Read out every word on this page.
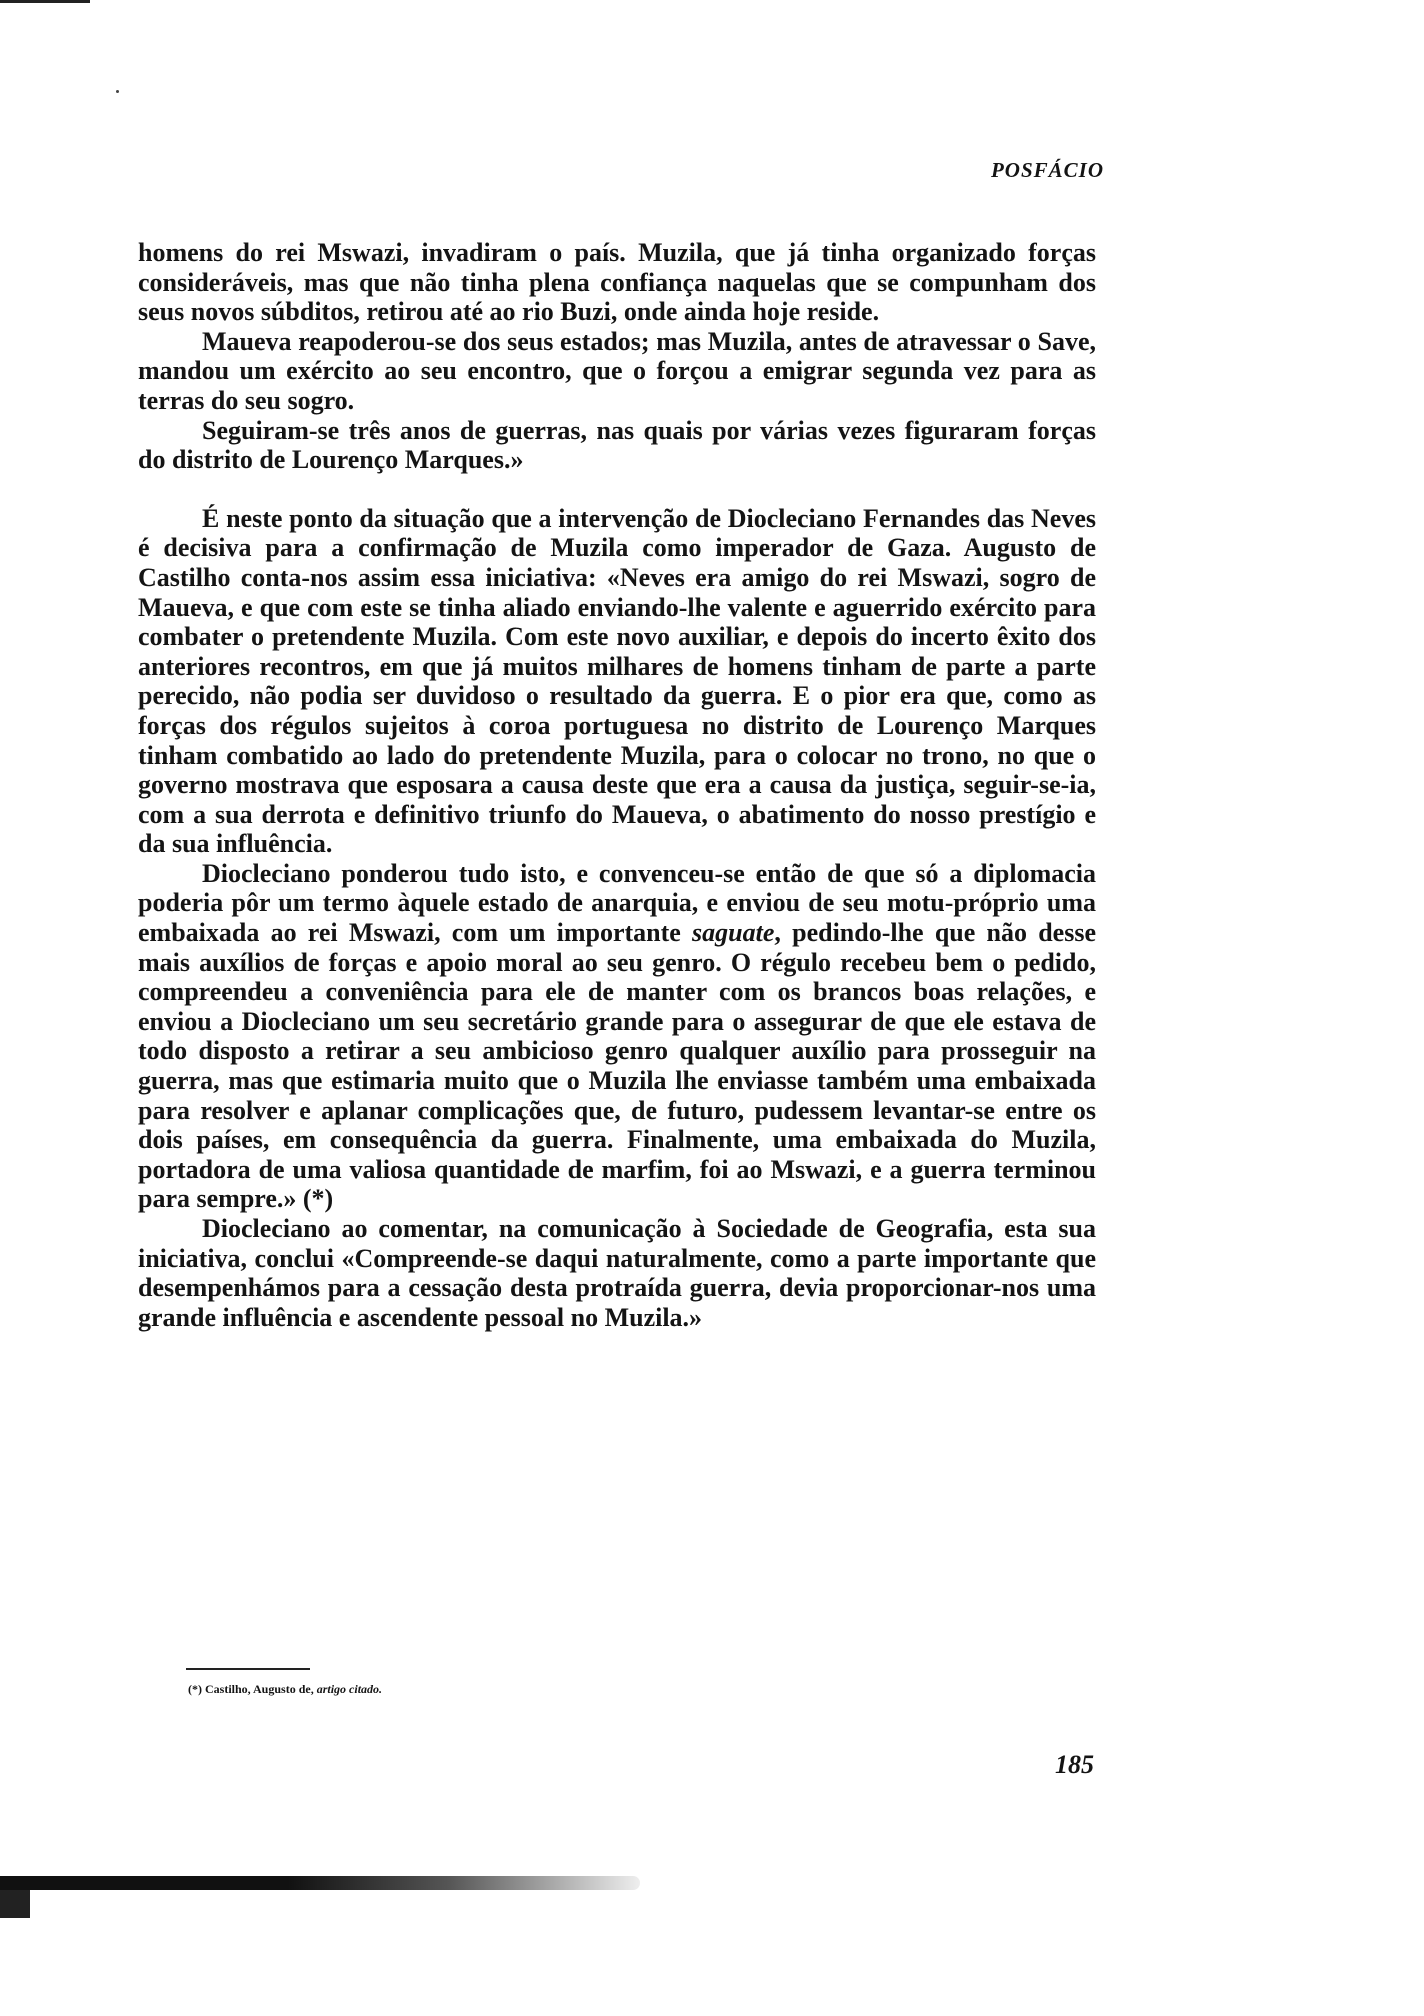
POSFÁCIO

homens do rei Mswazi, invadiram o país. Muzila, que já tinha organizado forças consideráveis, mas que não tinha plena confiança naquelas que se compunham dos seus novos súbditos, retirou até ao rio Buzi, onde ainda hoje reside.

Maueva reapoderou-se dos seus estados; mas Muzila, antes de atravessar o Save, mandou um exército ao seu encontro, que o forçou a emigrar segunda vez para as terras do seu sogro.

Seguiram-se três anos de guerras, nas quais por várias vezes figuraram forças do distrito de Lourenço Marques.»

É neste ponto da situação que a intervenção de Diocleciano Fernandes das Neves é decisiva para a confirmação de Muzila como imperador de Gaza. Augusto de Castilho conta-nos assim essa iniciativa: «Neves era amigo do rei Mswazi, sogro de Maueva, e que com este se tinha aliado enviando-lhe valente e aguerrido exército para combater o pretendente Muzila. Com este novo auxiliar, e depois do incerto êxito dos anteriores recontros, em que já muitos milhares de homens tinham de parte a parte perecido, não podia ser duvidoso o resultado da guerra. E o pior era que, como as forças dos régulos sujeitos à coroa portuguesa no distrito de Lourenço Marques tinham combatido ao lado do pretendente Muzila, para o colocar no trono, no que o governo mostrava que esposara a causa deste que era a causa da justiça, seguir-se-ia, com a sua derrota e definitivo triunfo do Maueva, o abatimento do nosso prestígio e da sua influência.

Diocleciano ponderou tudo isto, e convenceu-se então de que só a diplomacia poderia pôr um termo àquele estado de anarquia, e enviou de seu motu-próprio uma embaixada ao rei Mswazi, com um importante saguate, pedindo-lhe que não desse mais auxílios de forças e apoio moral ao seu genro. O régulo recebeu bem o pedido, compreendeu a conveniência para ele de manter com os brancos boas relações, e enviou a Diocleciano um seu secretário grande para o assegurar de que ele estava de todo disposto a retirar a seu ambicioso genro qualquer auxílio para prosseguir na guerra, mas que estimaria muito que o Muzila lhe enviasse também uma embaixada para resolver e aplanar complicações que, de futuro, pudessem levantar-se entre os dois países, em consequência da guerra. Finalmente, uma embaixada do Muzila, portadora de uma valiosa quantidade de marfim, foi ao Mswazi, e a guerra terminou para sempre.» (*)

Diocleciano ao comentar, na comunicação à Sociedade de Geografia, esta sua iniciativa, conclui «Compreende-se daqui naturalmente, como a parte importante que desempenhámos para a cessação desta protraída guerra, devia proporcionar-nos uma grande influência e ascendente pessoal no Muzila.»

(*) Castilho, Augusto de, artigo citado.
185
